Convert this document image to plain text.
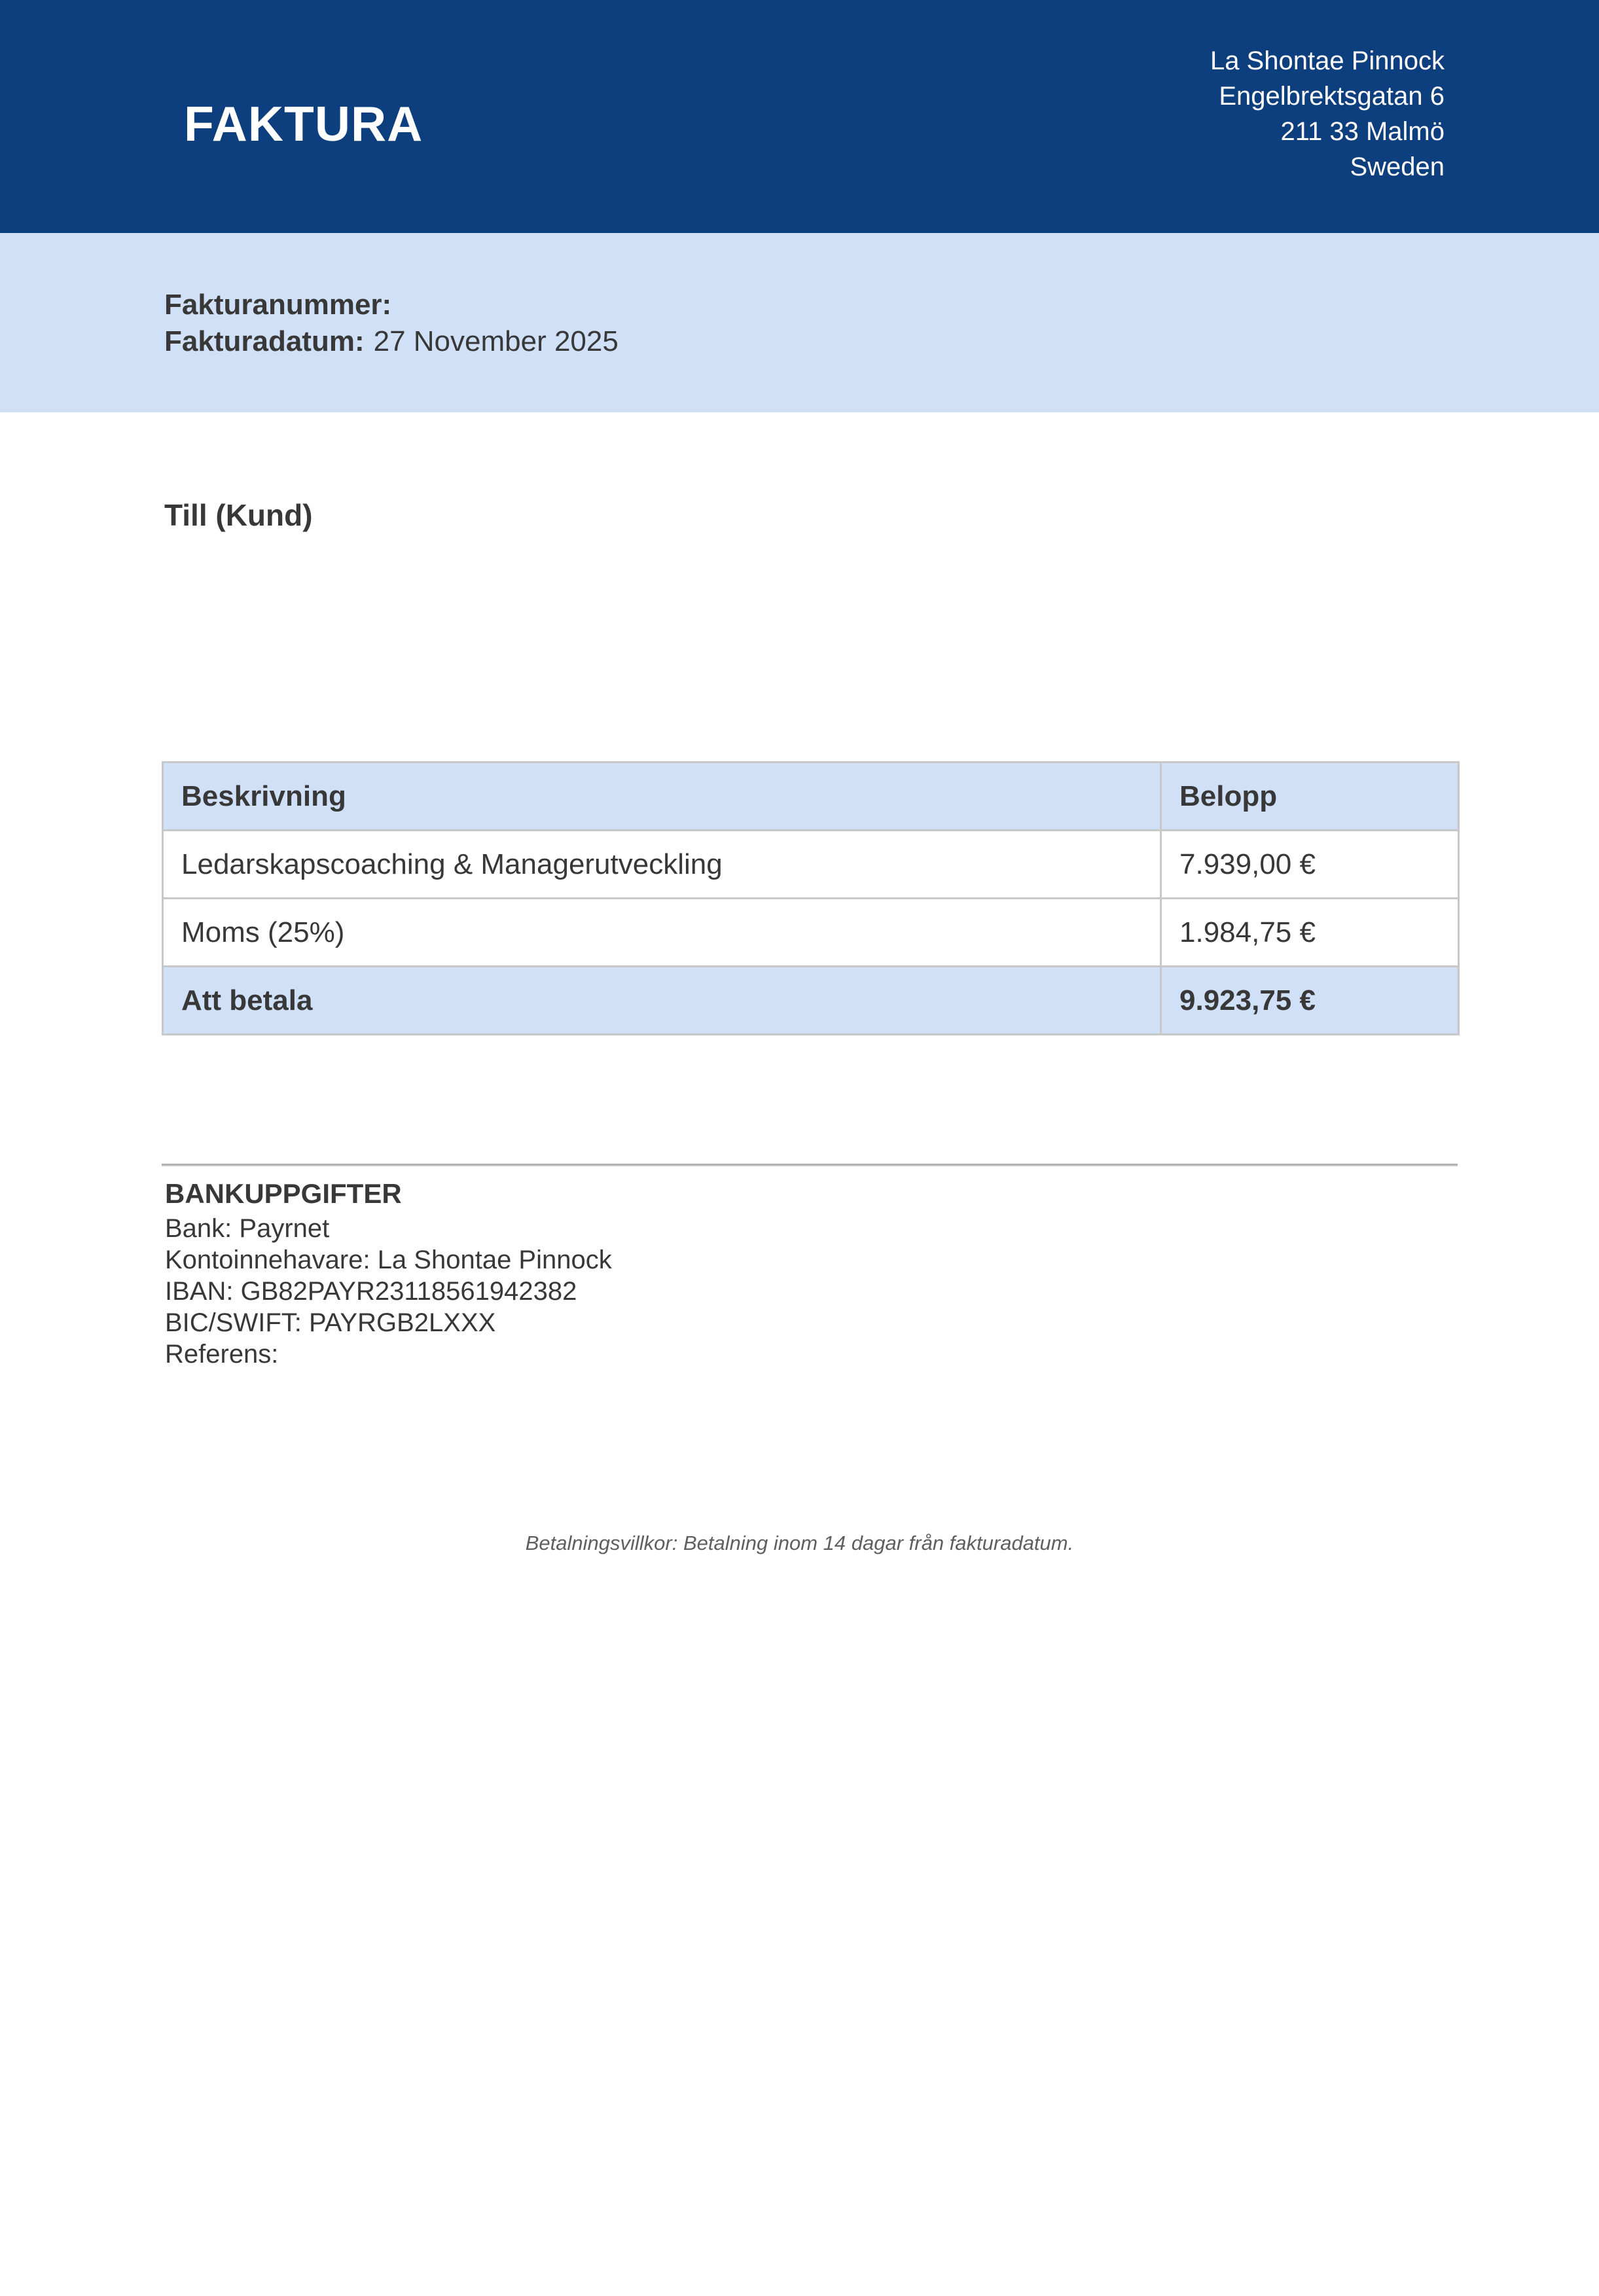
FAKTURA
La Shontae Pinnock
Engelbrektsgatan 6
211 33 Malmö
Sweden
Fakturanummer:
Fakturadatum: 27 November 2025
Till (Kund)
Beskrivning	Belopp
Ledarskapscoaching & Managerutveckling	7.939,00 €
Moms (25%)	1.984,75 €
Att betala	9.923,75 €
BANKUPPGIFTER
Bank: Payrnet
Kontoinnehavare: La Shontae Pinnock
IBAN: GB82PAYR23118561942382
BIC/SWIFT: PAYRGB2LXXX
Referens:
Betalningsvillkor: Betalning inom 14 dagar från fakturadatum.
